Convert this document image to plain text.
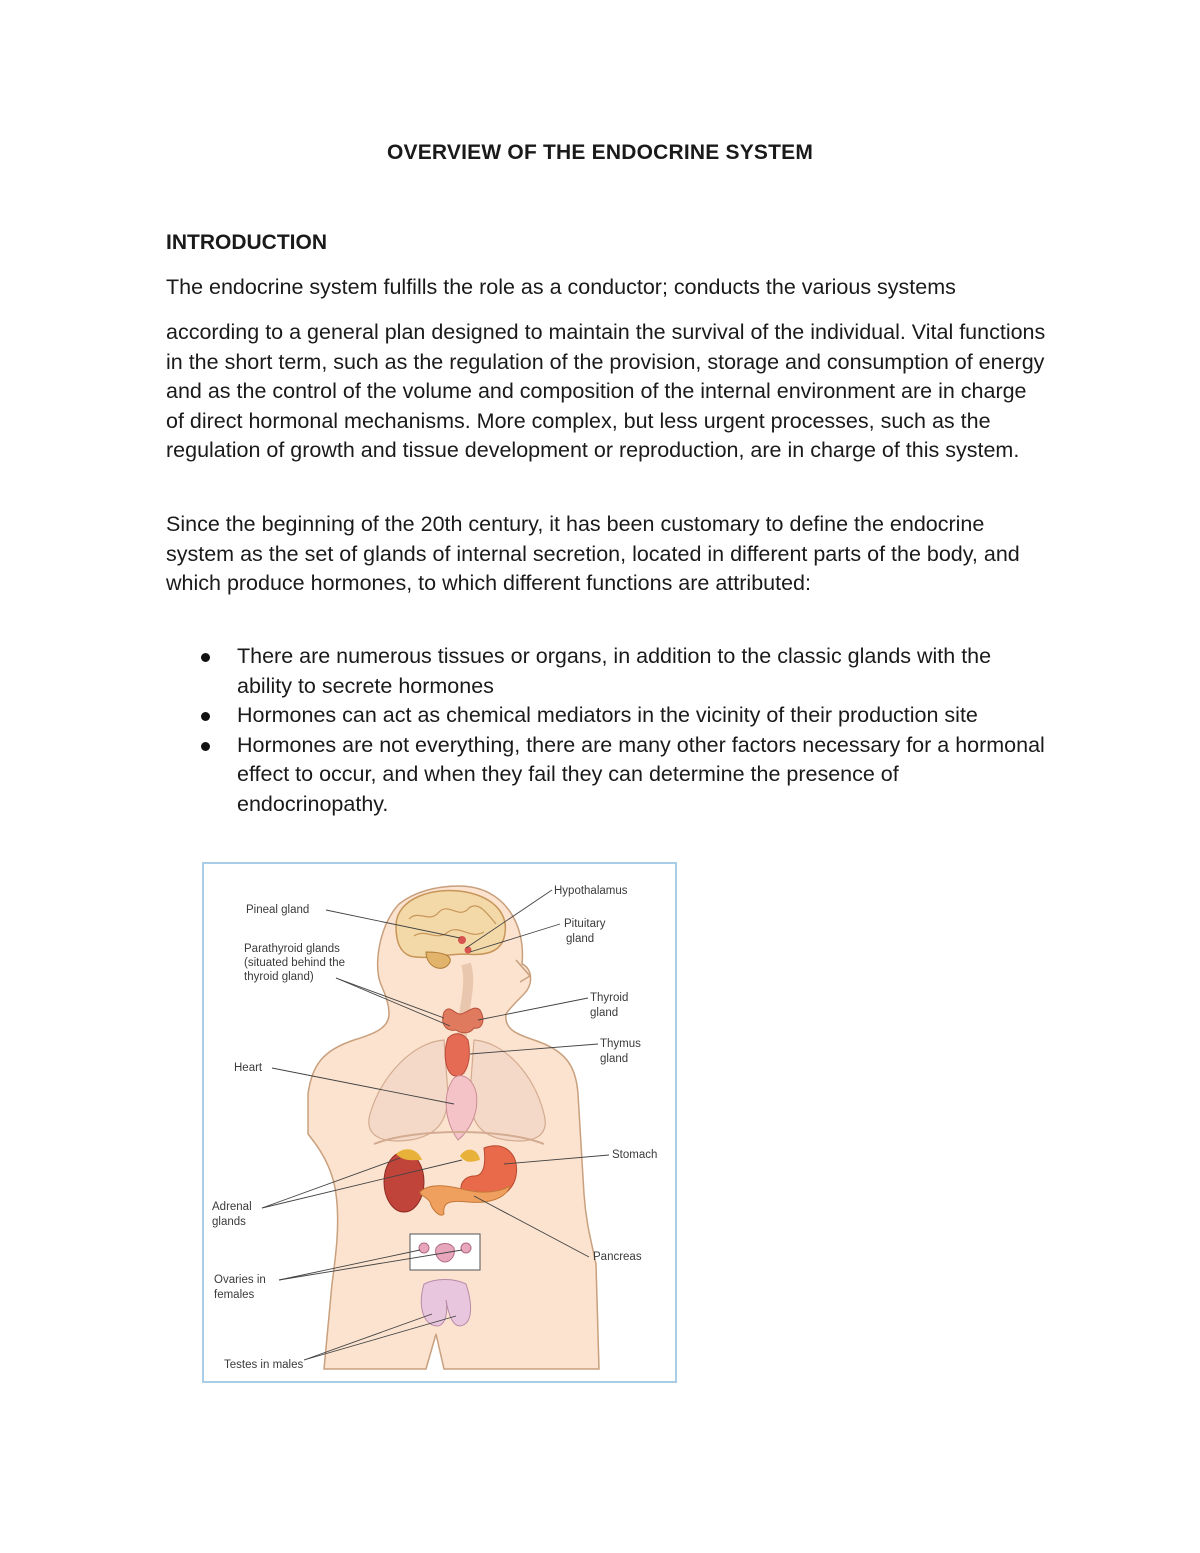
OVERVIEW OF THE ENDOCRINE SYSTEM
INTRODUCTION

The endocrine system fulfills the role as a conductor; conducts the various systems

according to a general plan designed to maintain the survival of the individual. Vital functions in the short term, such as the regulation of the provision, storage and consumption of energy and as the control of the volume and composition of the internal environment are in charge of direct hormonal mechanisms. More complex, but less urgent processes, such as the regulation of growth and tissue development or reproduction, are in charge of this system.

Since the beginning of the 20th century, it has been customary to define the endocrine system as the set of glands of internal secretion, located in different parts of the body, and which produce hormones, to which different functions are attributed:

There are numerous tissues or organs, in addition to the classic glands with the ability to secrete hormones
Hormones can act as chemical mediators in the vicinity of their production site
Hormones are not everything, there are many other factors necessary for a hormonal effect to occur, and when they fail they can determine the presence of endocrinopathy.
Pineal gland
Parathyroid glands
(situated behind the
thyroid gland)
Heart
Adrenal
glands
Ovaries in
females
Testes in males
Hypothalamus
Pituitary
gland
Thyroid
gland
Thymus
gland
Stomach
Pancreas
